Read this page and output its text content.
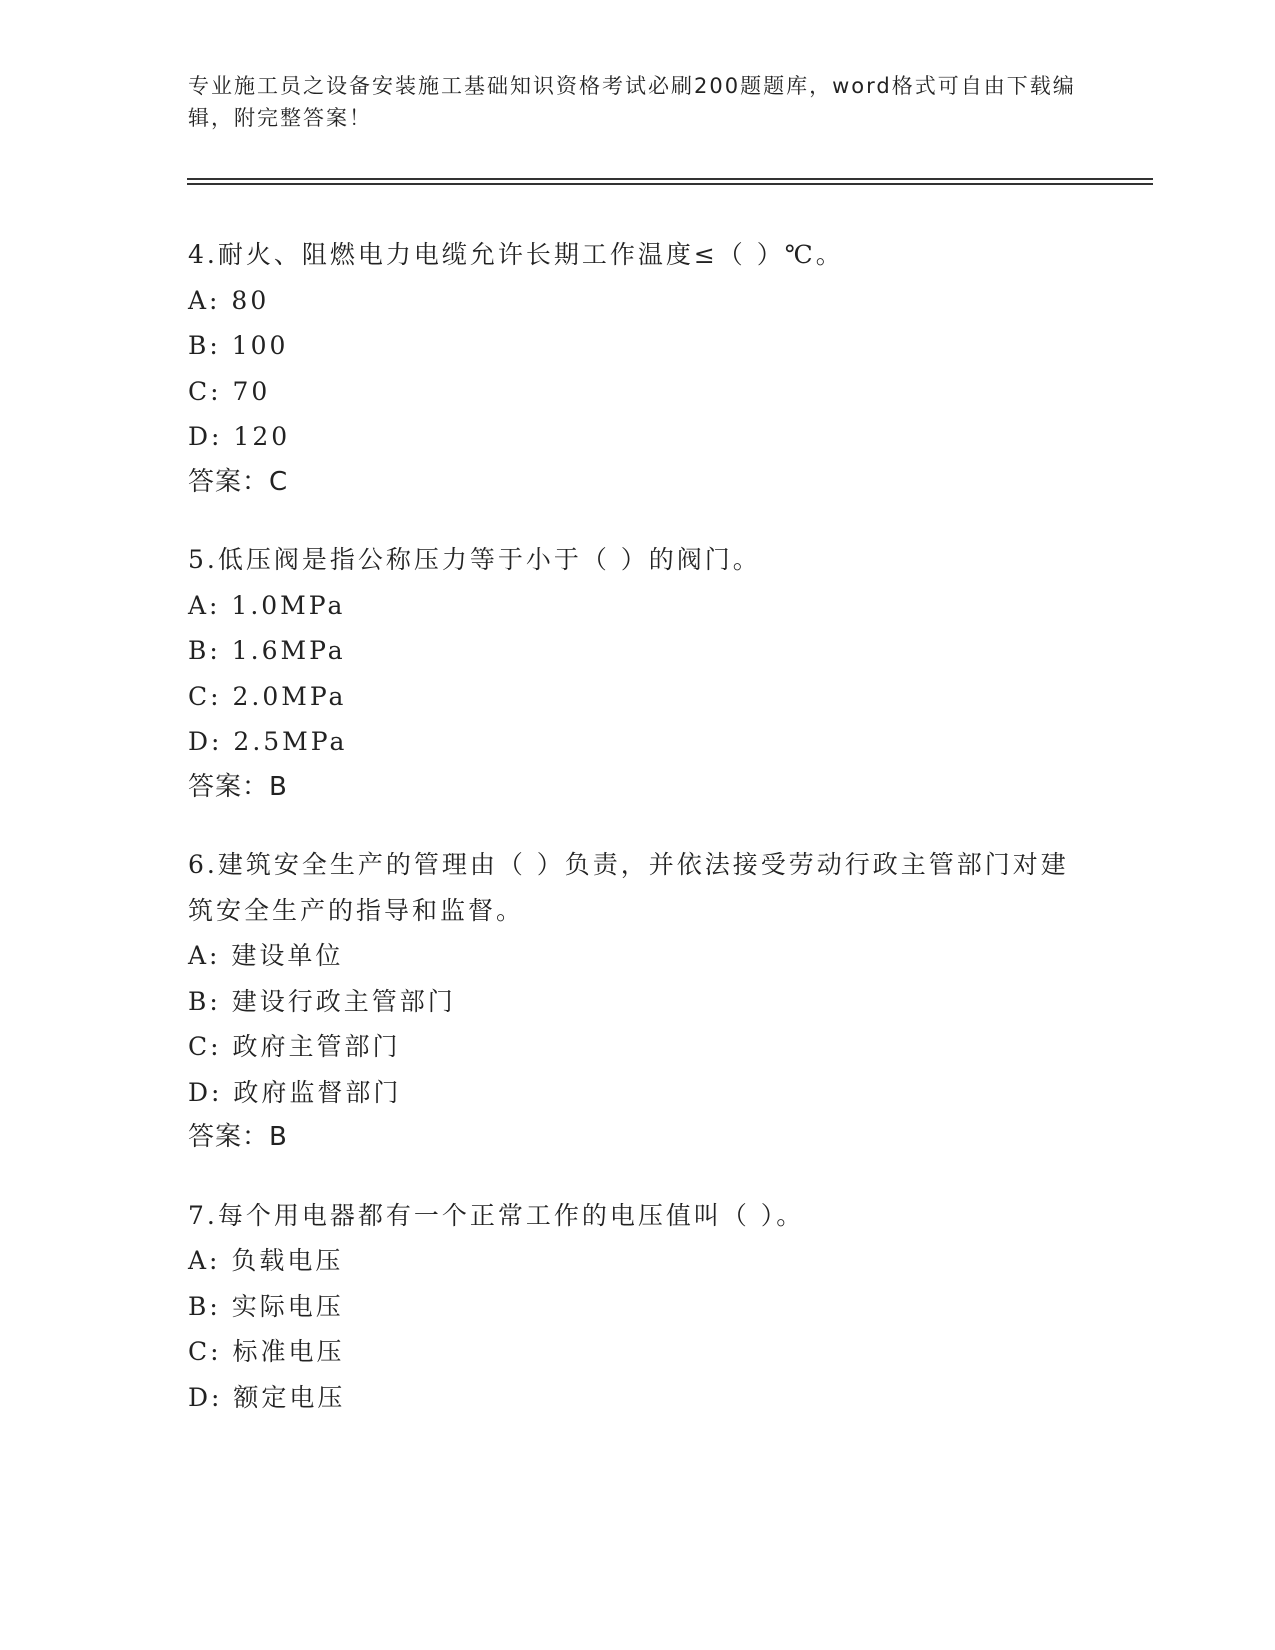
专业施工员之设备安装施工基础知识资格考试必刷200题题库，word格式可自由下载编辑，附完整答案！
4.耐火、阻燃电力电缆允许长期工作温度≤（ ）℃。
A: 80
B: 100
C: 70
D: 120
答案：C
5.低压阀是指公称压力等于小于（ ）的阀门。
A: 1.0MPa
B: 1.6MPa
C: 2.0MPa
D: 2.5MPa
答案：B
6.建筑安全生产的管理由（ ）负责，并依法接受劳动行政主管部门对建筑安全生产的指导和监督。
A: 建设单位
B: 建设行政主管部门
C: 政府主管部门
D: 政府监督部门
答案：B
7.每个用电器都有一个正常工作的电压值叫（ ）。
A: 负载电压
B: 实际电压
C: 标准电压
D: 额定电压
